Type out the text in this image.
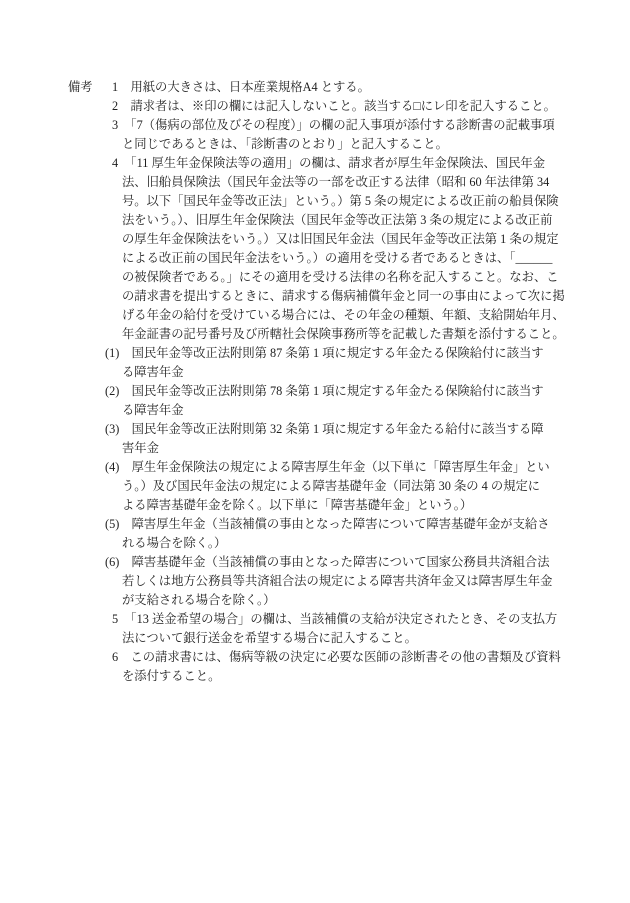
備考 1　用紙の大きさは、日本産業規格A4 とする。
2　請求者は、※印の欄には記入しないこと。該当する□にレ印を記入すること。
3　「7（傷病の部位及びその程度）」の欄の記入事項が添付する診断書の記載事項
と同じであるときは、「診断書のとおり」と記入すること。
4　「11 厚生年金保険法等の適用」の欄は、請求者が厚生年金保険法、国民年金
法、旧船員保険法（国民年金法等の一部を改正する法律（昭和 60 年法律第 34
号。以下「国民年金等改正法」という。）第 5 条の規定による改正前の船員保険
法をいう。）、旧厚生年金保険法（国民年金等改正法第 3 条の規定による改正前
の厚生年金保険法をいう。）又は旧国民年金法（国民年金等改正法第 1 条の規定
による改正前の国民年金法をいう。）の適用を受ける者であるときは、「______
の被保険者である。」にその適用を受ける法律の名称を記入すること。なお、こ
の請求書を提出するときに、請求する傷病補償年金と同一の事由によって次に掲
げる年金の給付を受けている場合には、その年金の種類、年額、支給開始年月、
年金証書の記号番号及び所轄社会保険事務所等を記載した書類を添付すること。
(1)　国民年金等改正法附則第 87 条第 1 項に規定する年金たる保険給付に該当す
る障害年金
(2)　国民年金等改正法附則第 78 条第 1 項に規定する年金たる保険給付に該当す
る障害年金
(3)　国民年金等改正法附則第 32 条第 1 項に規定する年金たる給付に該当する障
害年金
(4)　厚生年金保険法の規定による障害厚生年金（以下単に「障害厚生年金」とい
う。）及び国民年金法の規定による障害基礎年金（同法第 30 条の 4 の規定に
よる障害基礎年金を除く。以下単に「障害基礎年金」という。）
(5)　障害厚生年金（当該補償の事由となった障害について障害基礎年金が支給さ
れる場合を除く。）
(6)　障害基礎年金（当該補償の事由となった障害について国家公務員共済組合法
若しくは地方公務員等共済組合法の規定による障害共済年金又は障害厚生年金
が支給される場合を除く。）
5　「13 送金希望の場合」の欄は、当該補償の支給が決定されたとき、その支払方
法について銀行送金を希望する場合に記入すること。
6　この請求書には、傷病等級の決定に必要な医師の診断書その他の書類及び資料
を添付すること。
